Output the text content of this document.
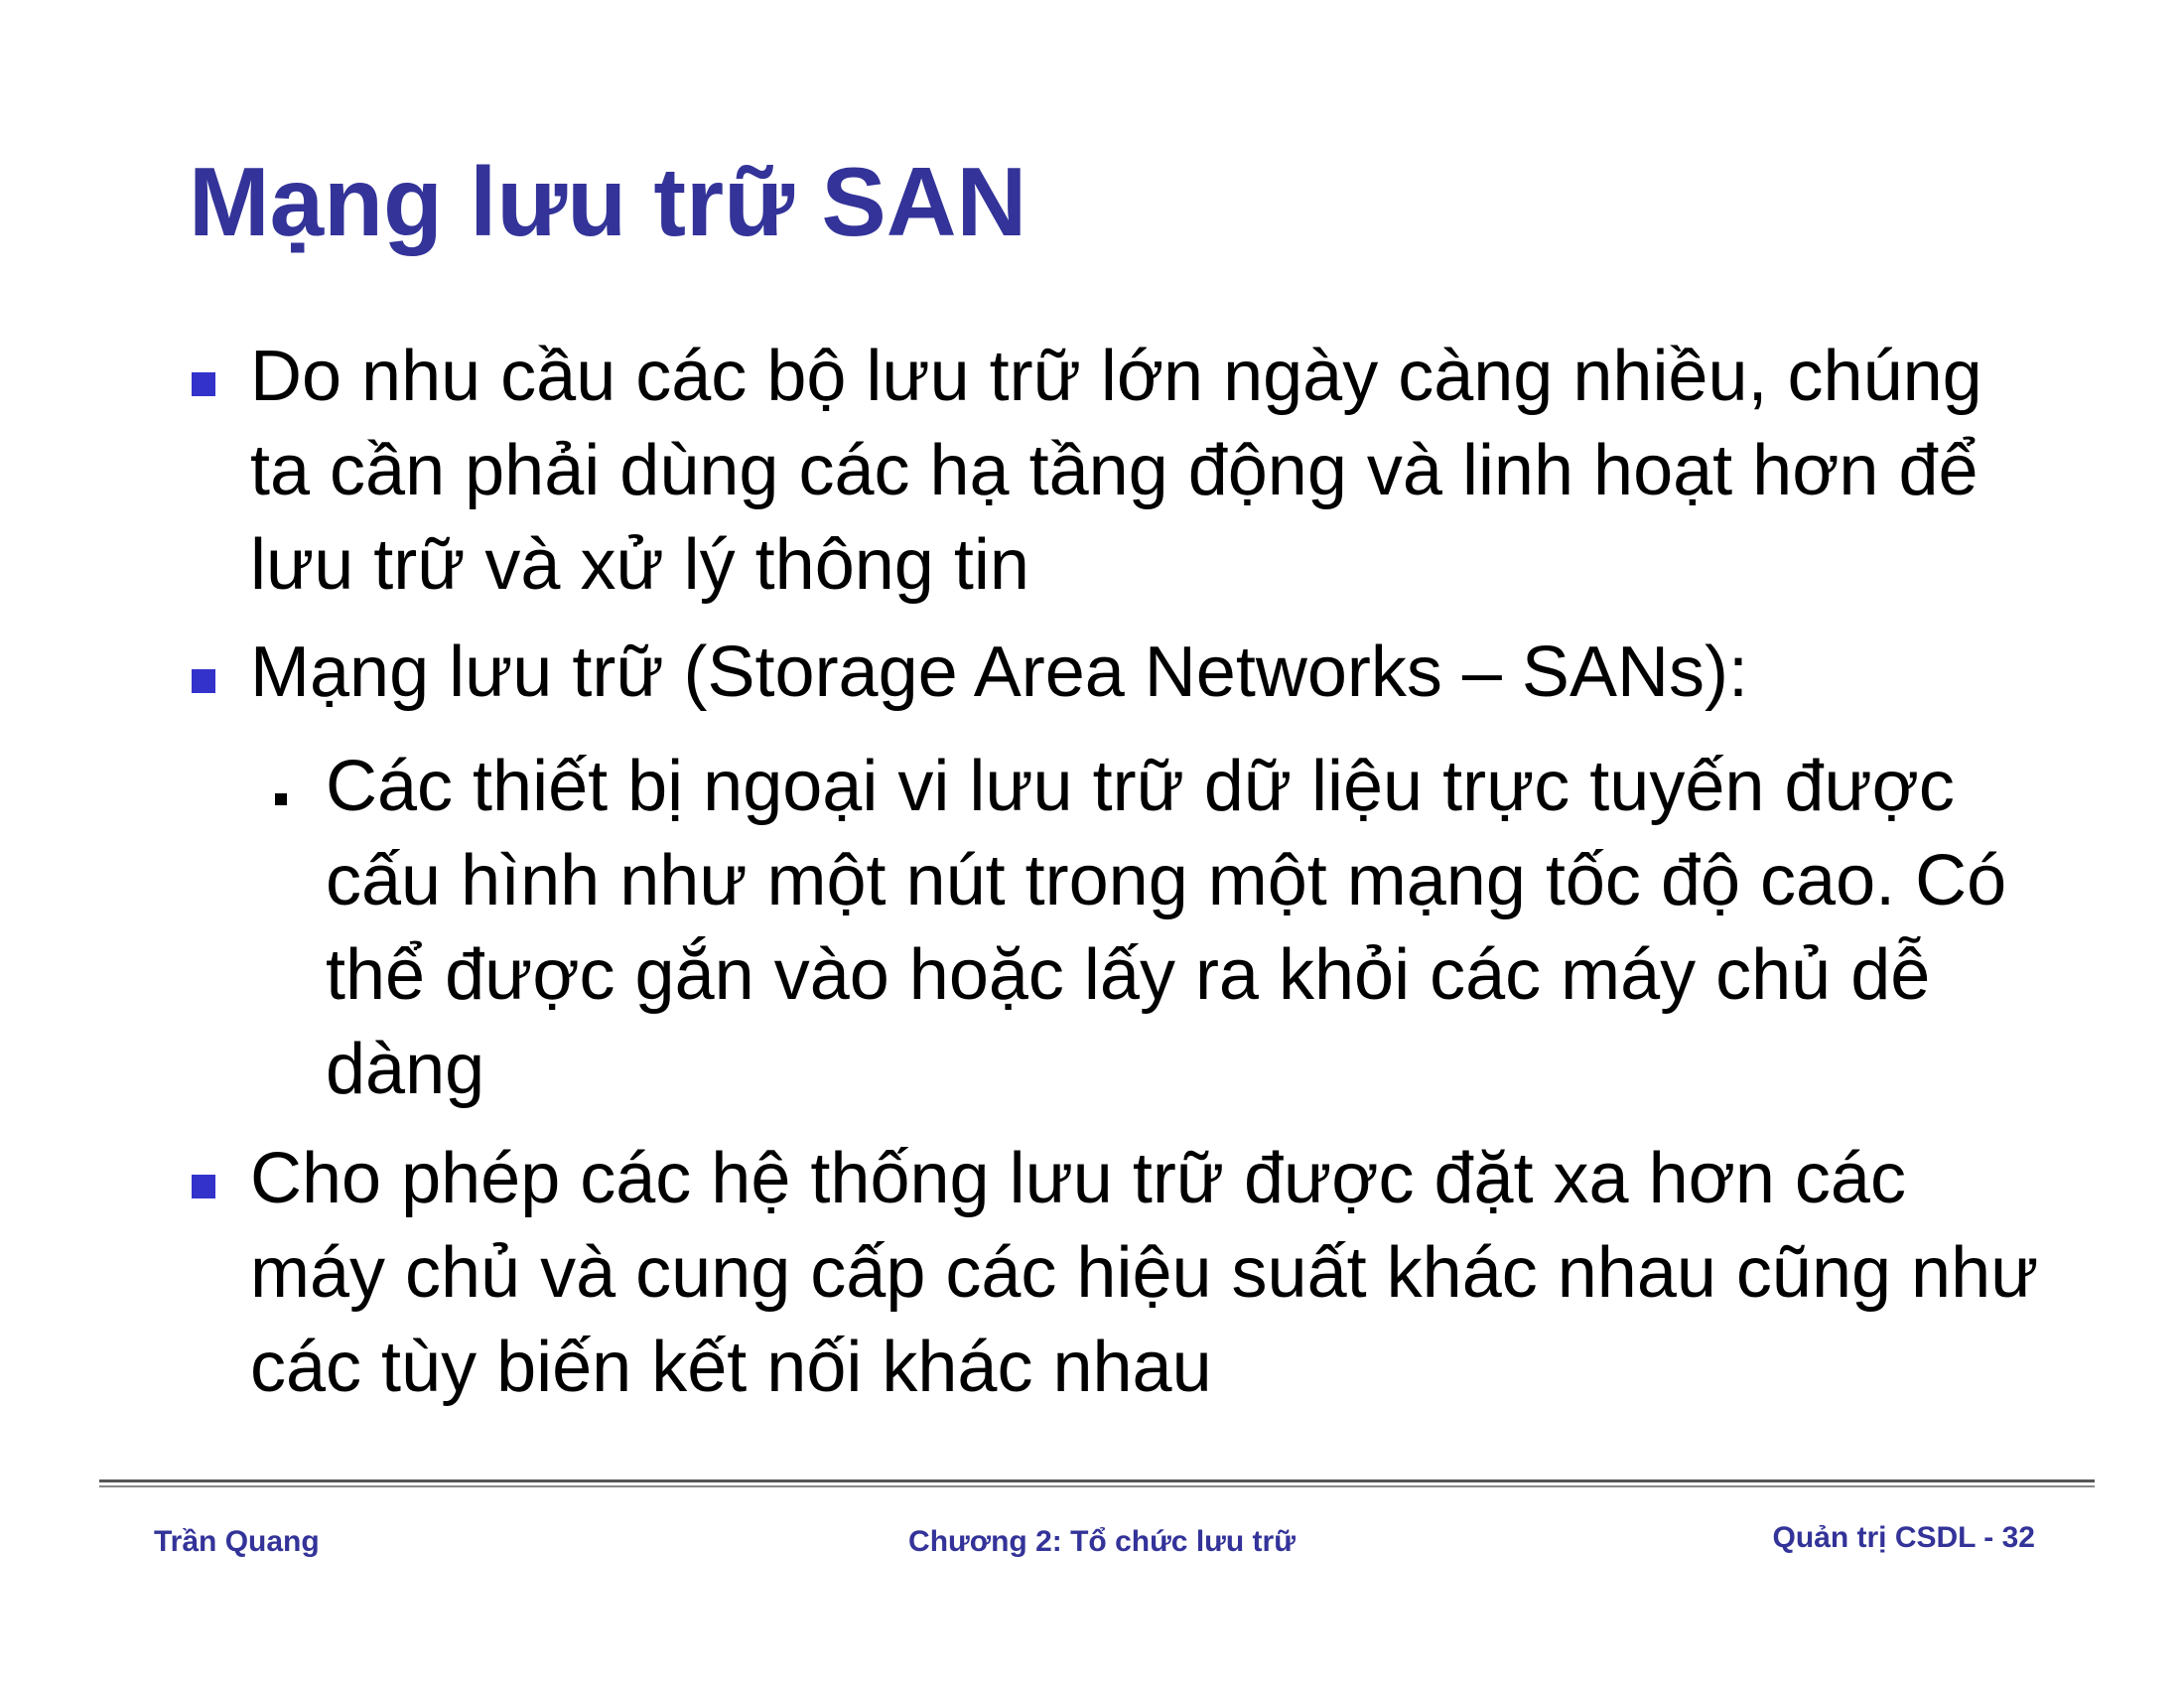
Mạng lưu trữ SAN

Do nhu cầu các bộ lưu trữ lớn ngày càng nhiều, chúng ta cần phải dùng các hạ tầng động và linh hoạt hơn để lưu trữ và xử lý thông tin

Mạng lưu trữ (Storage Area Networks – SANs):

Các thiết bị ngoại vi lưu trữ dữ liệu trực tuyến được cấu hình như một nút trong một mạng tốc độ cao. Có thể được gắn vào hoặc lấy ra khỏi các máy chủ dễ dàng

Cho phép các hệ thống lưu trữ được đặt xa hơn các máy chủ và cung cấp các hiệu suất khác nhau cũng như các tùy biến kết nối khác nhau

Trần Quang	Chương 2: Tổ chức lưu trữ	Quản trị CSDL - 32
